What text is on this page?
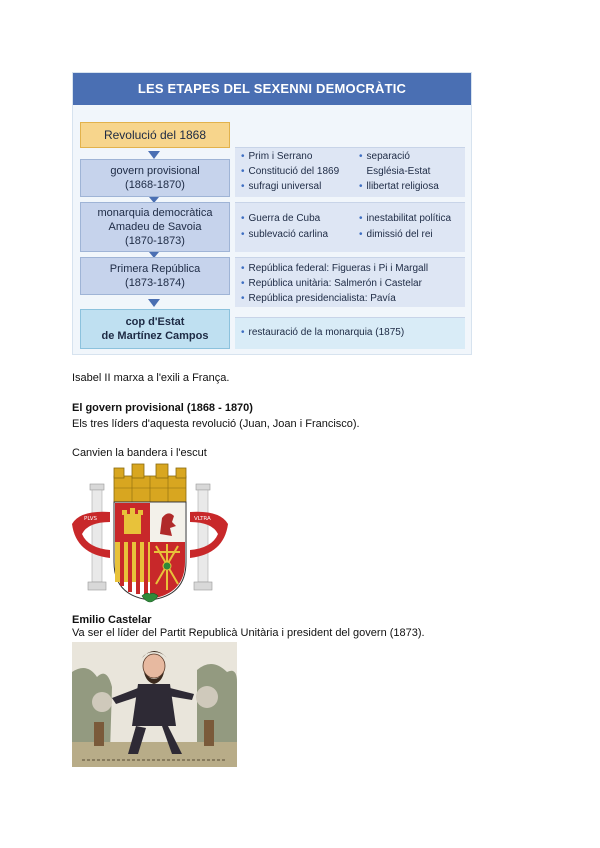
LES ETAPES DEL SEXENNI DEMOCRÀTIC
Revolució del 1868
govern provisional
(1868-1870)
monarquia democràtica
Amadeu de Savoia
(1870-1873)
Primera República
(1873-1874)
cop d'Estat
de Martínez Campos
• Prim i Serrano
• Constitució del 1869
• sufragi universal
• separació
Església-Estat
• llibertat religiosa
• Guerra de Cuba
• sublevació carlina
• inestabilitat política
• dimissió del rei
• República federal: Figueras i Pi i Margall
• República unitària: Salmerón i Castelar
• República presidencialista: Pavía
• restauració de la monarquia (1875)
Isabel II marxa a l'exili a França.
El govern provisional (1868 - 1870)
Els tres líders d'aquesta revolució (Juan, Joan i Francisco).
Canvien la bandera i l'escut
PLVS	VLTRA
Emilio Castelar
Va ser el líder del Partit Republicà Unitària i president del govern (1873).
